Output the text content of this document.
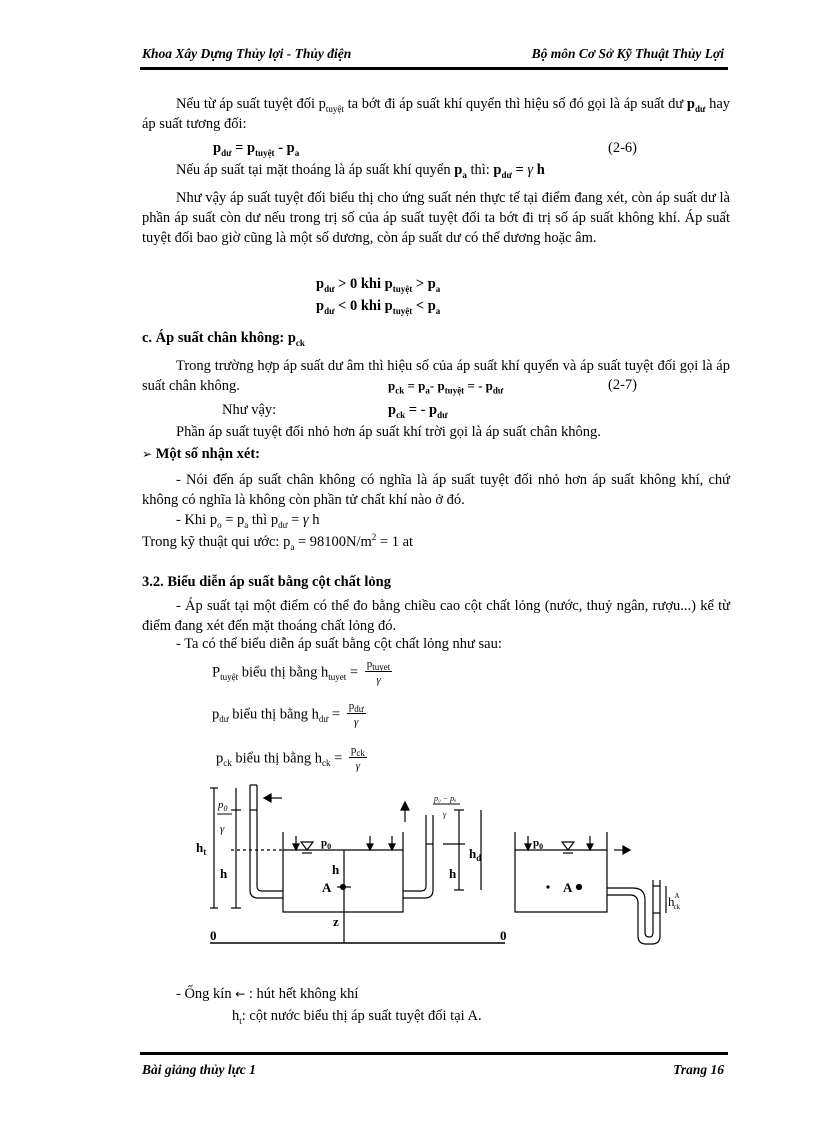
Khoa Xây Dựng Thủy lợi - Thủy điện	Bộ môn Cơ Sở Kỹ Thuật Thủy Lợi
Nếu từ áp suất tuyệt đối $p_{tuyệt}$ ta bớt đi áp suất khí quyển thì hiệu số đó gọi là áp suất dư $p_{dư}$ hay áp suất tương đối:
$p_{dư} = p_{tuyệt} - p_a$	(2-6)
Nếu áp suất tại mặt thoáng là áp suất khí quyển $p_a$ thì: $p_{dư} = \gamma$ h
Như vậy áp suất tuyệt đối biểu thị cho ứng suất nén thực tế tại điểm đang xét, còn áp suất dư là phần áp suất còn dư nếu trong trị số của áp suất tuyệt đối ta bớt đi trị số áp suất không khí. Áp suất tuyệt đối bao giờ cũng là một số dương, còn áp suất dư có thể dương hoặc âm.
$p_{dư} > 0$ khi $p_{tuyệt} > p_a$
$p_{dư} < 0$ khi $p_{tuyệt} < p_a$
c. Áp suất chân không: $p_{ck}$
Trong trường hợp áp suất dư âm thì hiệu số của áp suất khí quyển và áp suất tuyệt đối gọi là áp suất chân không.	$p_{ck} = p_a-$ $p_{tuyệt}$ = - $p_{dư}$	(2-7)
Như vậy:	$p_{ck}$ = - $p_{dư}$
Phần áp suất tuyệt đối nhỏ hơn áp suất khí trời gọi là áp suất chân không.
➢ Một số nhận xét:
- Nói đến áp suất chân không có nghĩa là áp suất tuyệt đối nhỏ hơn áp suất không khí, chứ không có nghĩa là không còn phần tử chất khí nào ở đó.
- Khi $p_o = p_a$ thì $p_{dư} = \gamma$ h
Trong kỹ thuật qui ước: $p_a = 98100N/m^2 = 1$ at
3.2. Biểu diễn áp suất bằng cột chất lỏng
- Áp suất tại một điểm có thể đo bằng chiều cao cột chất lỏng (nước, thuỷ ngân, rượu...) kể từ điểm đang xét đến mặt thoáng chất lỏng đó.
- Ta có thể biểu diễn áp suất bằng cột chất lỏng như sau:
$P_{tuyệt}$ biểu thị bằng $h_{tuyet} = \frac{p_{tuyet}}{\gamma}$
$p_{dư}$ biểu thị bằng $h_{dư} = \frac{p_{dư}}{\gamma}$
$p_{ck}$ biểu thị bằng $h_{ck} = \frac{p_{ck}}{\gamma}$
$p_0$
γ
$h_t$
h
$p_0$
h
A
z
0	0
p₀ − pₐ
γ
h
$h_d$
$p_0$
A
$h^A$ ck
- Ống kín ← : hút hết không khí
$h_t$: cột nước biểu thị áp suất tuyệt đối tại A.
Bài giảng thủy lực 1	Trang 16
